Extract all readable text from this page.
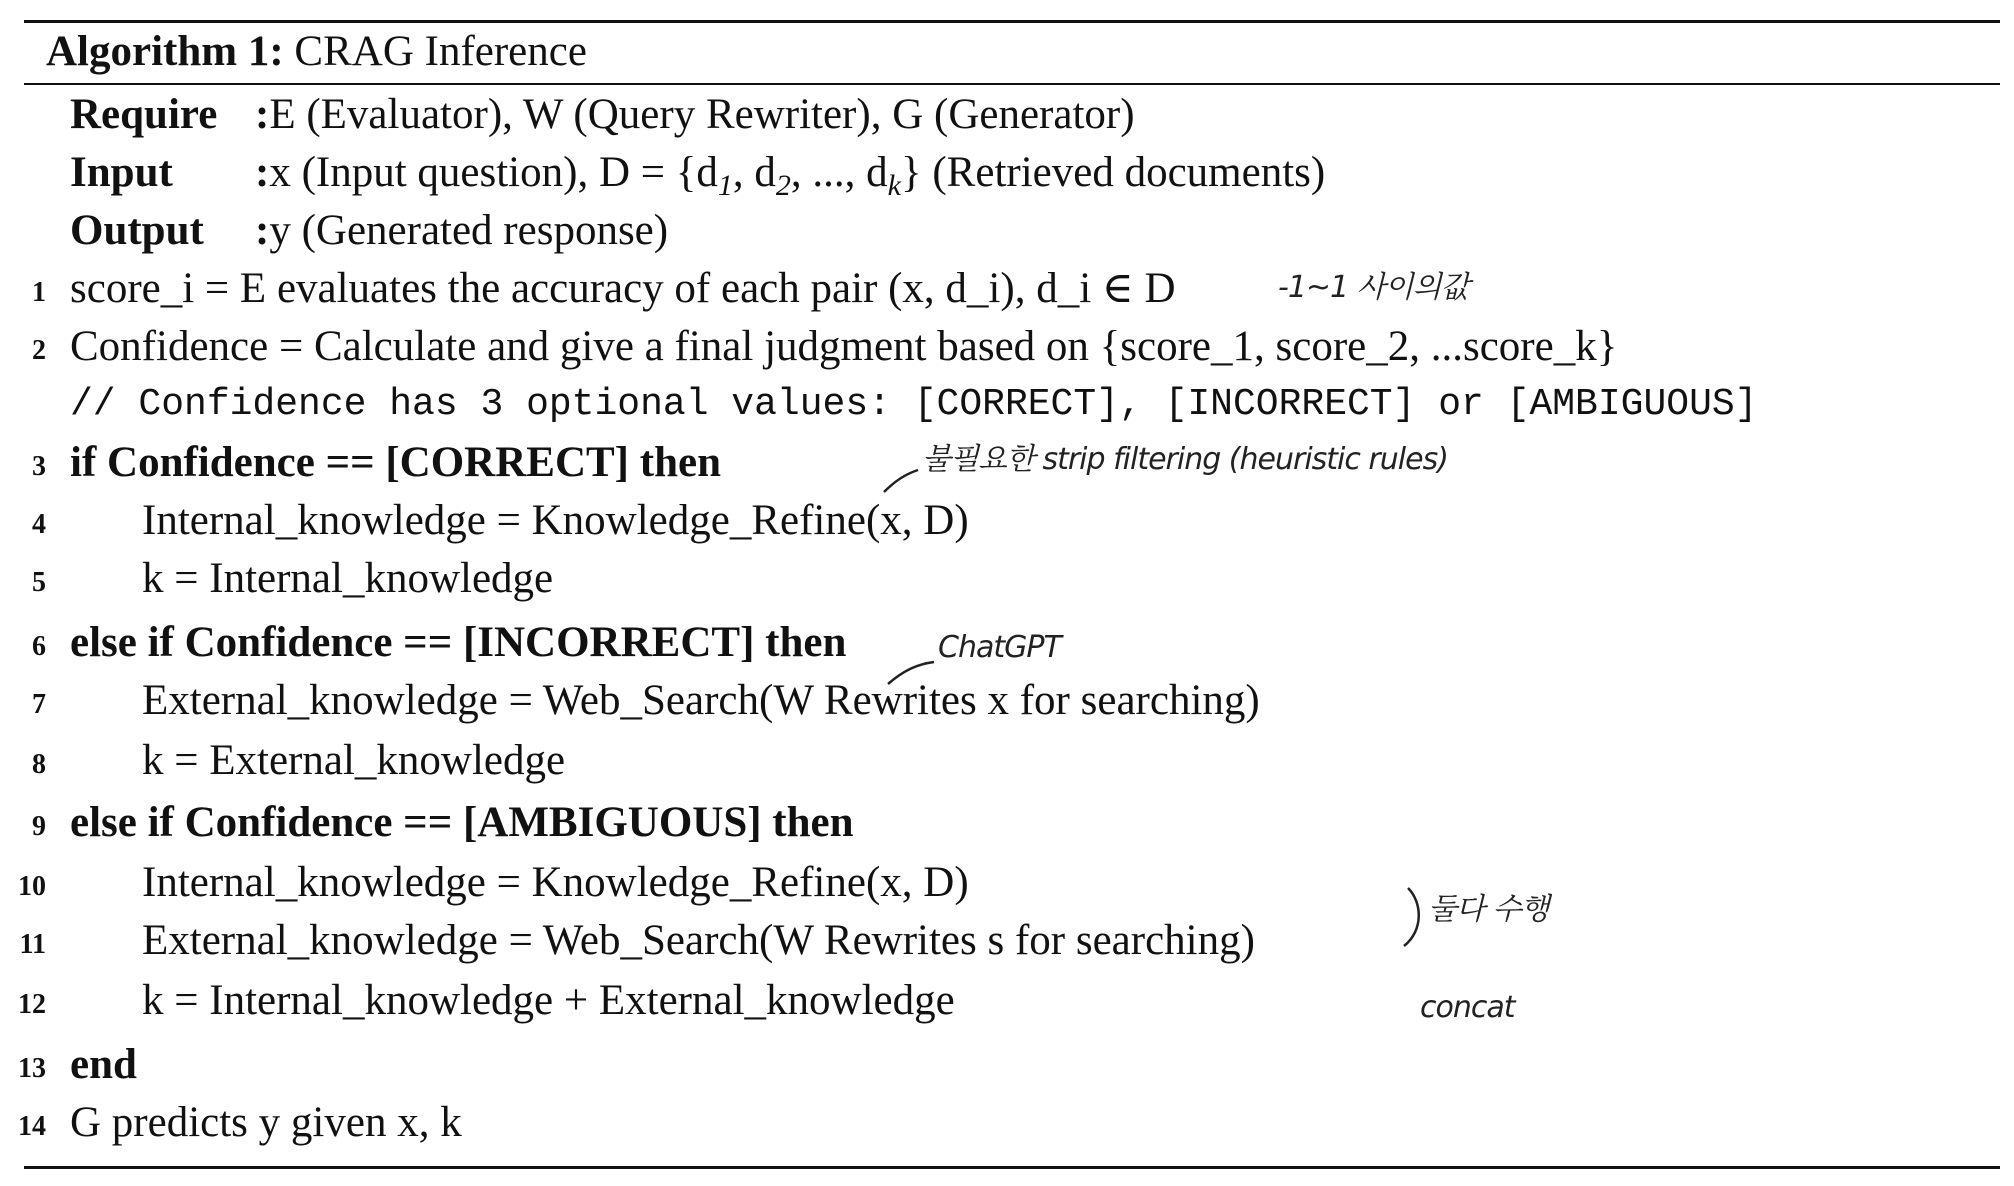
Algorithm 1: CRAG Inference
Require :E (Evaluator), W (Query Rewriter), G (Generator)
Input :x (Input question), $D = \{d_1$, $d_2$, ..., $d_k$} (Retrieved documents)
Output :y (Generated response)
1 score_i = E evaluates the accuracy of each pair (x, d_i), d_i ∈ D
2 Confidence = Calculate and give a final judgment based on {score_1, score_2, ...score_k}
// Confidence has 3 optional values: [CORRECT], [INCORRECT] or [AMBIGUOUS]
3 if Confidence == [CORRECT] then
4 Internal_knowledge = Knowledge_Refine(x, D)
5 k = Internal_knowledge
6 else if Confidence == [INCORRECT] then
7 External_knowledge = Web_Search(W Rewrites x for searching)
8 k = External_knowledge
9 else if Confidence == [AMBIGUOUS] then
10 Internal_knowledge = Knowledge_Refine(x, D)
11 External_knowledge = Web_Search(W Rewrites s for searching)
12 k = Internal_knowledge + External_knowledge
13 end
14 G predicts y given x, k
-1~1 사이의값
불필요한 strip filtering (heuristic rules)
ChatGPT
둘다 수행
concat
